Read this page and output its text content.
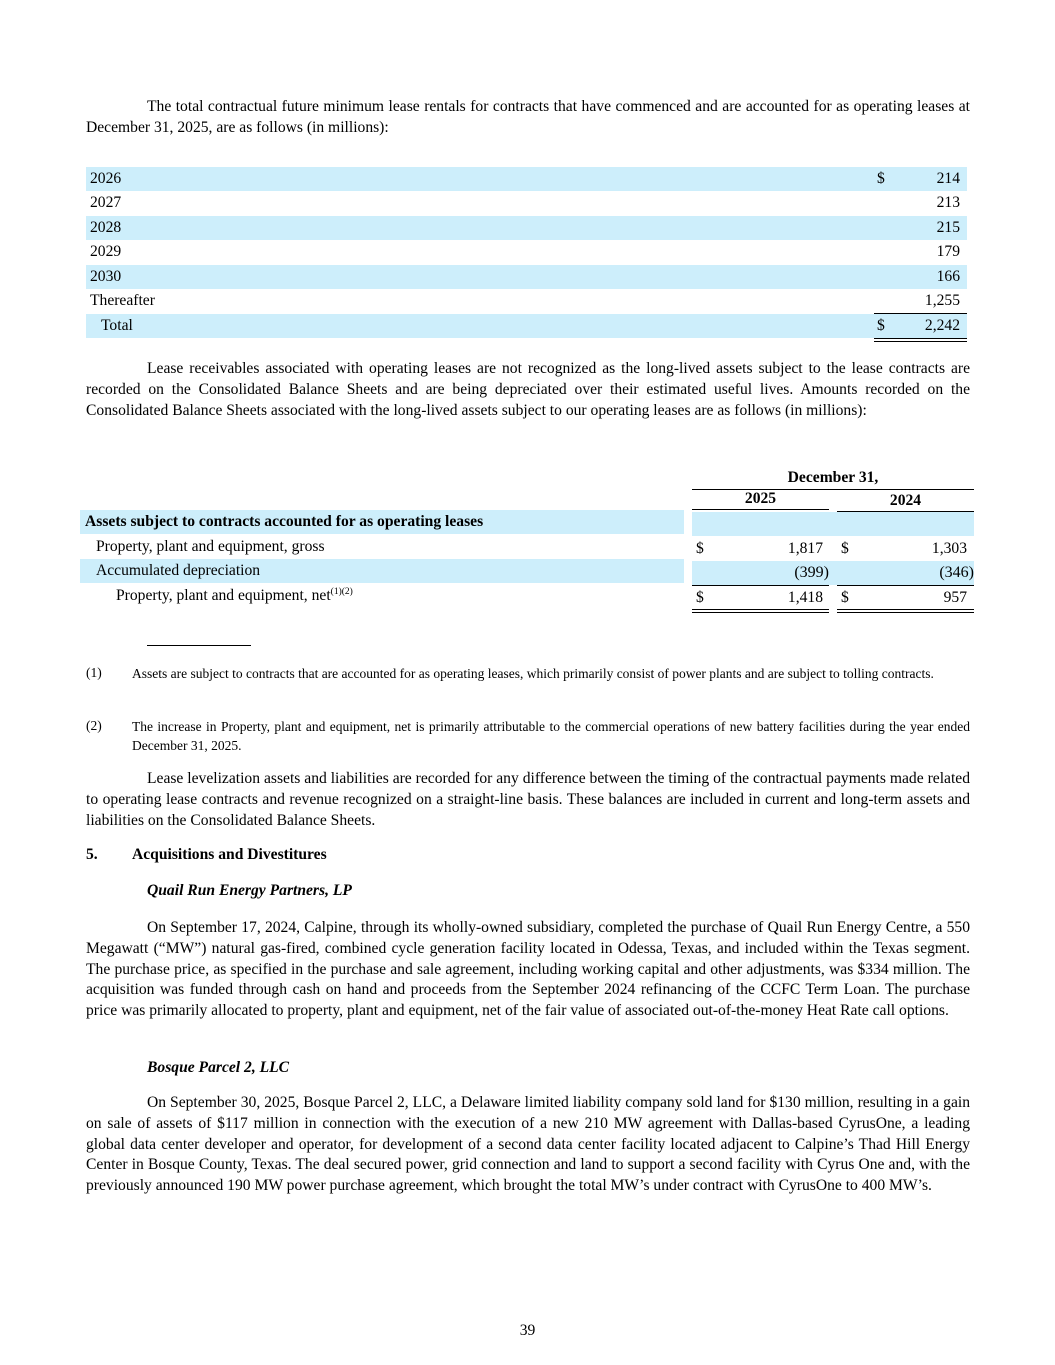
The total contractual future minimum lease rentals for contracts that have commenced and are accounted for as operating leases at December 31, 2025, are as follows (in millions):

2026	$	214
2027	213
2028	215
2029	179
2030	166
Thereafter	1,255
Total	$	2,242

Lease receivables associated with operating leases are not recognized as the long-lived assets subject to the lease contracts are recorded on the Consolidated Balance Sheets and are being depreciated over their estimated useful lives. Amounts recorded on the Consolidated Balance Sheets associated with the long-lived assets subject to our operating leases are as follows (in millions):

December 31,
2025	2024
Assets subject to contracts accounted for as operating leases
Property, plant and equipment, gross	$	1,817 $	1,303
Accumulated depreciation	(399)	(346)
Property, plant and equipment, net$^{(1)(2)}$	$	1,418 $	957
(1) Assets are subject to contracts that are accounted for as operating leases, which primarily consist of power plants and are subject to tolling contracts.

(2) The increase in Property, plant and equipment, net is primarily attributable to the commercial operations of new battery facilities during the year ended December 31, 2025.

Lease levelization assets and liabilities are recorded for any difference between the timing of the contractual payments made related to operating lease contracts and revenue recognized on a straight-line basis. These balances are included in current and long-term assets and liabilities on the Consolidated Balance Sheets.

5. Acquisitions and Divestitures
Quail Run Energy Partners, LP

On September 17, 2024, Calpine, through its wholly-owned subsidiary, completed the purchase of Quail Run Energy Centre, a 550 Megawatt (“MW”) natural gas-fired, combined cycle generation facility located in Odessa, Texas, and included within the Texas segment. The purchase price, as specified in the purchase and sale agreement, including working capital and other adjustments, was $334 million. The acquisition was funded through cash on hand and proceeds from the September 2024 refinancing of the CCFC Term Loan. The purchase price was primarily allocated to property, plant and equipment, net of the fair value of associated out-of-the-money Heat Rate call options.

Bosque Parcel 2, LLC

On September 30, 2025, Bosque Parcel 2, LLC, a Delaware limited liability company sold land for $130 million, resulting in a gain on sale of assets of $117 million in connection with the execution of a new 210 MW agreement with Dallas-based CyrusOne, a leading global data center developer and operator, for development of a second data center facility located adjacent to Calpine’s Thad Hill Energy Center in Bosque County, Texas. The deal secured power, grid connection and land to support a second facility with Cyrus One and, with the previously announced 190 MW power purchase agreement, which brought the total MW’s under contract with CyrusOne to 400 MW’s.

39
